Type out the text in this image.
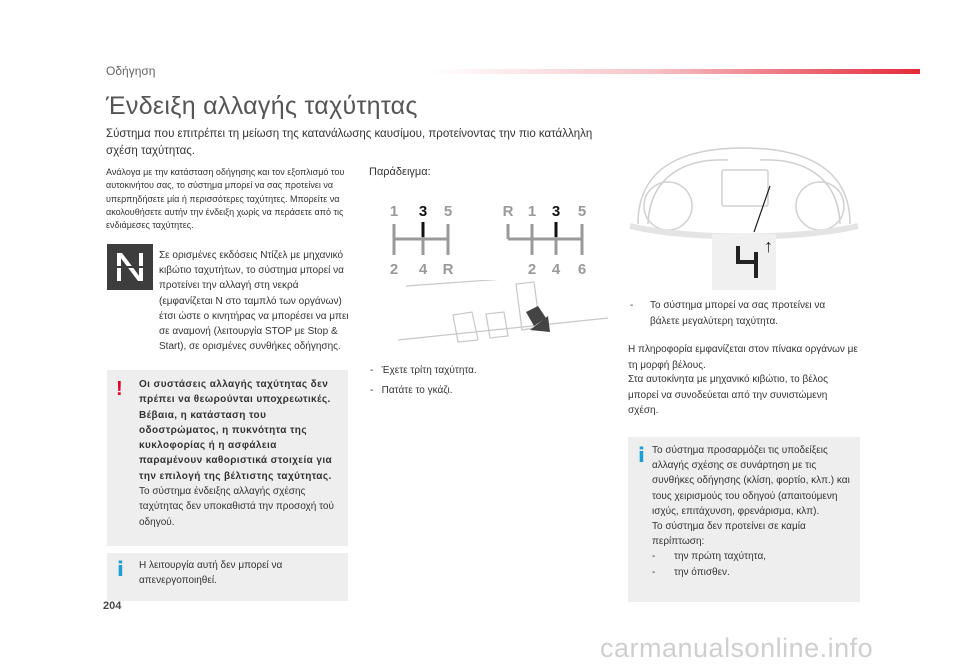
Οδήγηση
Ένδειξη αλλαγής ταχύτητας
Σύστημα που επιτρέπει τη μείωση της κατανάλωσης καυσίμου, προτείνοντας την πιο κατάλληλη σχέση ταχύτητας.
Ανάλογα με την κατάσταση οδήγησης και τον εξοπλισμό του αυτοκινήτου σας, το σύστημα μπορεί να σας προτείνει να υπερπηδήσετε μία ή περισσότερες ταχύτητες. Μπορείτε να ακολουθήσετε αυτήν την ένδειξη χωρίς να περάσετε από τις ενδιάμεσες ταχύτητες.
Σε ορισμένες εκδόσεις Ντίζελ με μηχανικό κιβώτιο ταχυτήτων, το σύστημα μπορεί να προτείνει την αλλαγή στη νεκρά (εμφανίζεται N στο ταμπλό των οργάνων) έτσι ώστε ο κινητήρας να μπορέσει να μπει σε αναμονή (λειτουργία STOP με Stop & Start), σε ορισμένες συνθήκες οδήγησης.
! Οι συστάσεις αλλαγής ταχύτητας δεν πρέπει να θεωρούνται υποχρεωτικές. Βέβαια, η κατάσταση του οδοστρώματος, η πυκνότητα της κυκλοφορίας ή η ασφάλεια παραμένουν καθοριστικά στοιχεία για την επιλογή της βέλτιστης ταχύτητας.
Το σύστημα ένδειξης αλλαγής σχέσης ταχύτητας δεν υποκαθιστά την προσοχή τού οδηγού.
i Η λειτουργία αυτή δεν μπορεί να απενεργοποιηθεί.
Παράδειγμα:
1 3 5
2 4 R
R 1 3 5
2 4 6
-   Έχετε τρίτη ταχύτητα.
-   Πατάτε το γκάζι.
↑
-	Το σύστημα μπορεί να σας προτείνει να βάλετε μεγαλύτερη ταχύτητα.
Η πληροφορία εμφανίζεται στον πίνακα οργάνων με τη μορφή βέλους.
Στα αυτοκίνητα με μηχανικό κιβώτιο, το βέλος μπορεί να συνοδεύεται από την συνιστώμενη σχέση.
i Το σύστημα προσαρμόζει τις υποδείξεις αλλαγής σχέσης σε συνάρτηση με τις συνθήκες οδήγησης (κλίση, φορτίο, κλπ.) και τους χειρισμούς του οδηγού (απαιτούμενη ισχύς, επιτάχυνση, φρενάρισμα, κλπ).
Το σύστημα δεν προτείνει σε καμία περίπτωση:
-	την πρώτη ταχύτητα,
-	την όπισθεν.
204
carmanualsonline.info
